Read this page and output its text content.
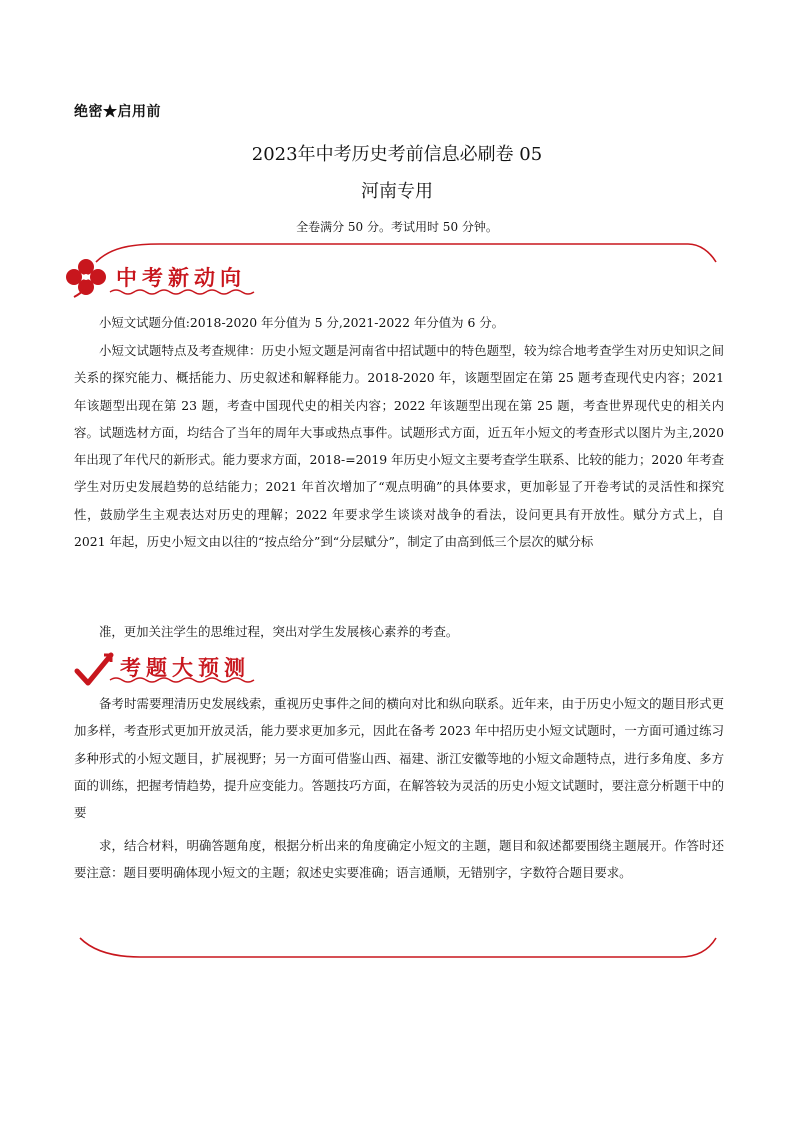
绝密★启用前
2023年中考历史考前信息必刷卷 05
河南专用
全卷满分 50 分。考试用时 50 分钟。
中考新动向
小短文试题分值:2018-2020 年分值为 5 分,2021-2022 年分值为 6 分。
小短文试题特点及考查规律：历史小短文题是河南省中招试题中的特色题型，较为综合地考查学生对历史知识之间关系的探究能力、概括能力、历史叙述和解释能力。2018-2020 年，该题型固定在第 25 题考查现代史内容；2021 年该题型出现在第 23 题，考查中国现代史的相关内容；2022 年该题型出现在第 25 题，考查世界现代史的相关内容。试题选材方面，均结合了当年的周年大事或热点事件。试题形式方面，近五年小短文的考查形式以图片为主,2020 年出现了年代尺的新形式。能力要求方面，2018-=2019 年历史小短文主要考查学生联系、比较的能力；2020 年考查学生对历史发展趋势的总结能力；2021 年首次增加了“观点明确”的具体要求，更加彰显了开卷考试的灵活性和探究性，鼓励学生主观表达对历史的理解；2022 年要求学生谈谈对战争的看法，设问更具有开放性。赋分方式上，自 2021 年起，历史小短文由以往的“按点给分”到“分层赋分”，制定了由高到低三个层次的赋分标
准，更加关注学生的思维过程，突出对学生发展核心素养的考查。
考题大预测
备考时需要理清历史发展线索，重视历史事件之间的横向对比和纵向联系。近年来，由于历史小短文的题目形式更加多样，考查形式更加开放灵活，能力要求更加多元，因此在备考 2023 年中招历史小短文试题时，一方面可通过练习多种形式的小短文题目，扩展视野；另一方面可借鉴山西、福建、浙江安徽等地的小短文命题特点，进行多角度、多方面的训练，把握考情趋势，提升应变能力。答题技巧方面，在解答较为灵活的历史小短文试题时，要注意分析题干中的要
求，结合材料，明确答题角度，根据分析出来的角度确定小短文的主题，题目和叙述都要围绕主题展开。作答时还要注意：题目要明确体现小短文的主题；叙述史实要准确；语言通顺，无错别字，字数符合题目要求。
